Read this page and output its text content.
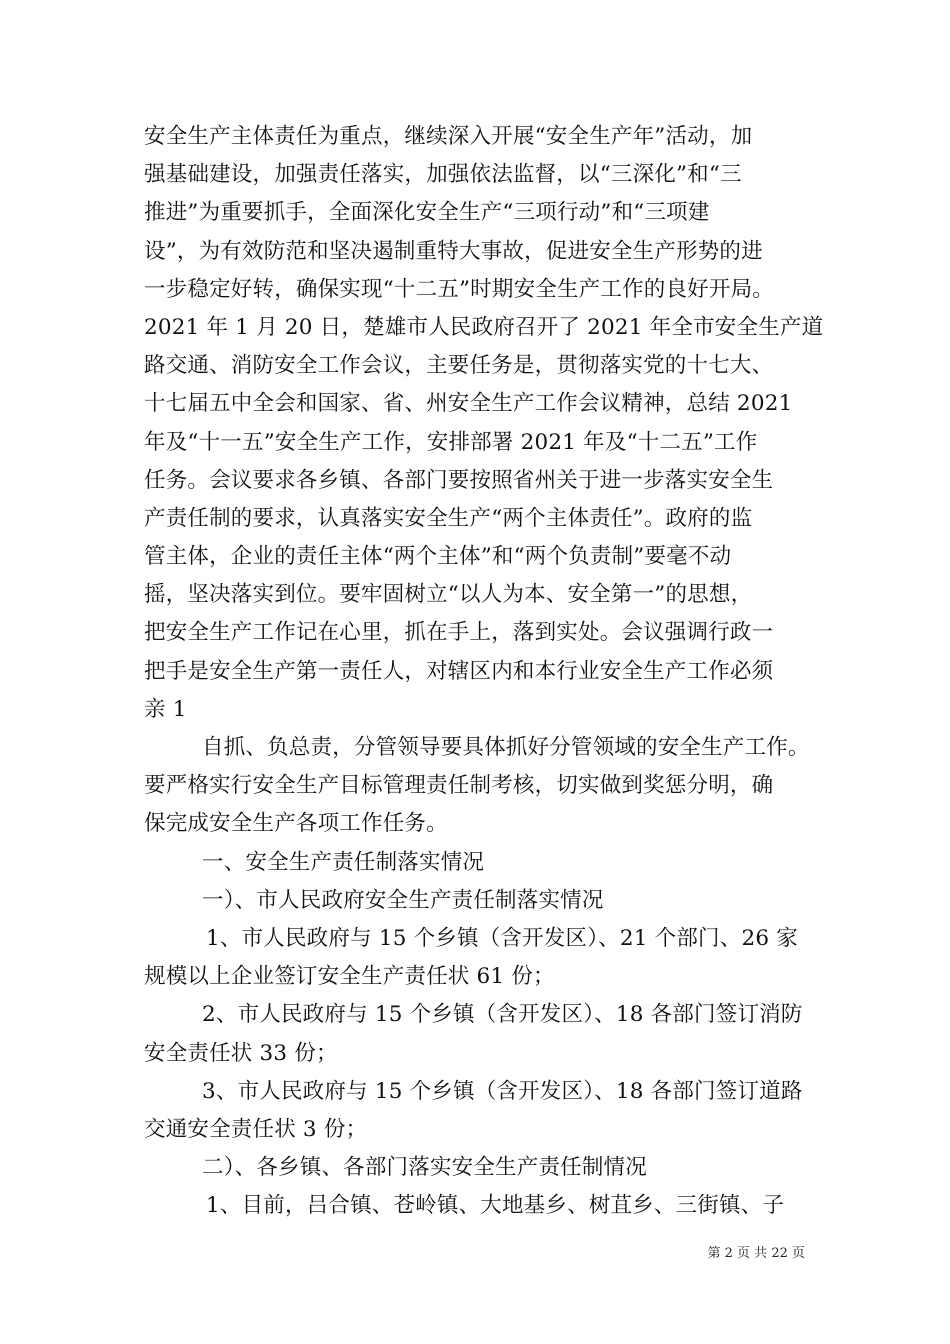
安全生产主体责任为重点，继续深入开展“安全生产年”活动，加
强基础建设，加强责任落实，加强依法监督，以“三深化”和“三
推进”为重要抓手，全面深化安全生产“三项行动”和“三项建
设”，为有效防范和坚决遏制重特大事故，促进安全生产形势的进
一步稳定好转，确保实现“十二五”时期安全生产工作的良好开局。
2021 年 1 月 20 日，楚雄市人民政府召开了 2021 年全市安全生产道
路交通、消防安全工作会议，主要任务是，贯彻落实党的十七大、
十七届五中全会和国家、省、州安全生产工作会议精神，总结 2021
年及“十一五”安全生产工作，安排部署 2021 年及“十二五”工作
任务。会议要求各乡镇、各部门要按照省州关于进一步落实安全生
产责任制的要求，认真落实安全生产“两个主体责任”。政府的监
管主体，企业的责任主体“两个主体”和“两个负责制”要毫不动
摇，坚决落实到位。要牢固树立“以人为本、安全第一”的思想，
把安全生产工作记在心里，抓在手上，落到实处。会议强调行政一
把手是安全生产第一责任人，对辖区内和本行业安全生产工作必须
亲 1
自抓、负总责，分管领导要具体抓好分管领域的安全生产工作。
要严格实行安全生产目标管理责任制考核，切实做到奖惩分明，确
保完成安全生产各项工作任务。
一、安全生产责任制落实情况
一）、市人民政府安全生产责任制落实情况
1、市人民政府与 15 个乡镇（含开发区）、21 个部门、26 家
规模以上企业签订安全生产责任状 61 份；
2、市人民政府与 15 个乡镇（含开发区）、18 各部门签订消防
安全责任状 33 份；
3、市人民政府与 15 个乡镇（含开发区）、18 各部门签订道路
交通安全责任状 3 份；
二）、各乡镇、各部门落实安全生产责任制情况
1、目前，吕合镇、苍岭镇、大地基乡、树苴乡、三街镇、子
第 2 页 共 22 页
